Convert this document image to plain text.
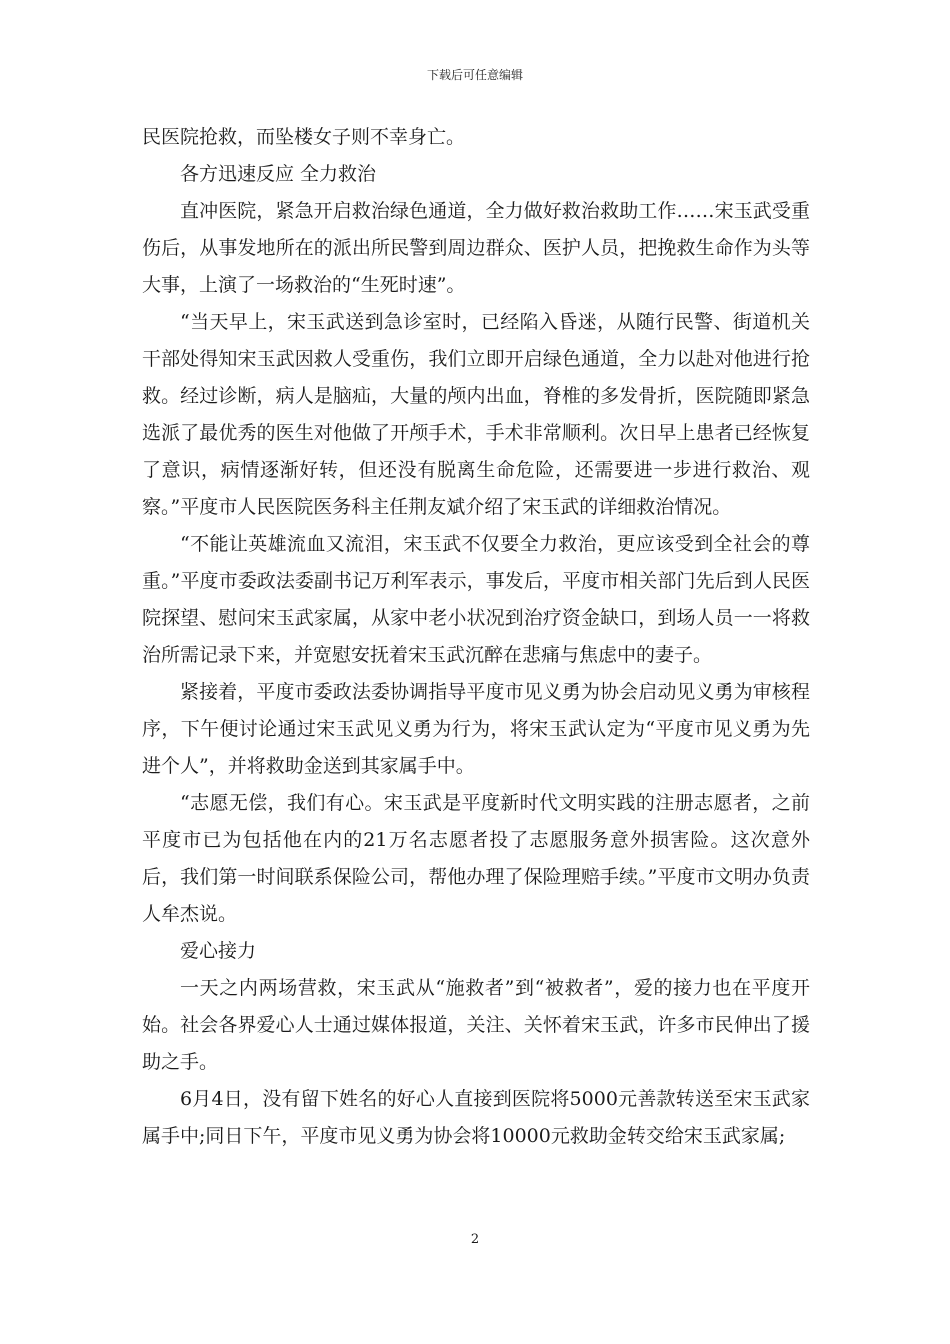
下载后可任意编辑

民医院抢救，而坠楼女子则不幸身亡。

各方迅速反应 全力救治

直冲医院，紧急开启救治绿色通道，全力做好救治救助工作……宋玉武受重伤后，从事发地所在的派出所民警到周边群众、医护人员，把挽救生命作为头等大事，上演了一场救治的“生死时速”。

“当天早上，宋玉武送到急诊室时，已经陷入昏迷，从随行民警、街道机关干部处得知宋玉武因救人受重伤，我们立即开启绿色通道，全力以赴对他进行抢救。经过诊断，病人是脑疝，大量的颅内出血，脊椎的多发骨折，医院随即紧急选派了最优秀的医生对他做了开颅手术，手术非常顺利。次日早上患者已经恢复了意识，病情逐渐好转，但还没有脱离生命危险，还需要进一步进行救治、观察。”平度市人民医院医务科主任荆友斌介绍了宋玉武的详细救治情况。

“不能让英雄流血又流泪，宋玉武不仅要全力救治，更应该受到全社会的尊重。”平度市委政法委副书记万利军表示，事发后，平度市相关部门先后到人民医院探望、慰问宋玉武家属，从家中老小状况到治疗资金缺口，到场人员一一将救治所需记录下来，并宽慰安抚着宋玉武沉醉在悲痛与焦虑中的妻子。

紧接着，平度市委政法委协调指导平度市见义勇为协会启动见义勇为审核程序，下午便讨论通过宋玉武见义勇为行为，将宋玉武认定为“平度市见义勇为先进个人”，并将救助金送到其家属手中。

“志愿无偿，我们有心。宋玉武是平度新时代文明实践的注册志愿者，之前平度市已为包括他在内的21万名志愿者投了志愿服务意外损害险。这次意外后，我们第一时间联系保险公司，帮他办理了保险理赔手续。”平度市文明办负责人牟杰说。

爱心接力

一天之内两场营救，宋玉武从“施救者”到“被救者”，爱的接力也在平度开始。社会各界爱心人士通过媒体报道，关注、关怀着宋玉武，许多市民伸出了援助之手。

6月4日，没有留下姓名的好心人直接到医院将5000元善款转送至宋玉武家属手中;同日下午，平度市见义勇为协会将10000元救助金转交给宋玉武家属;

2
